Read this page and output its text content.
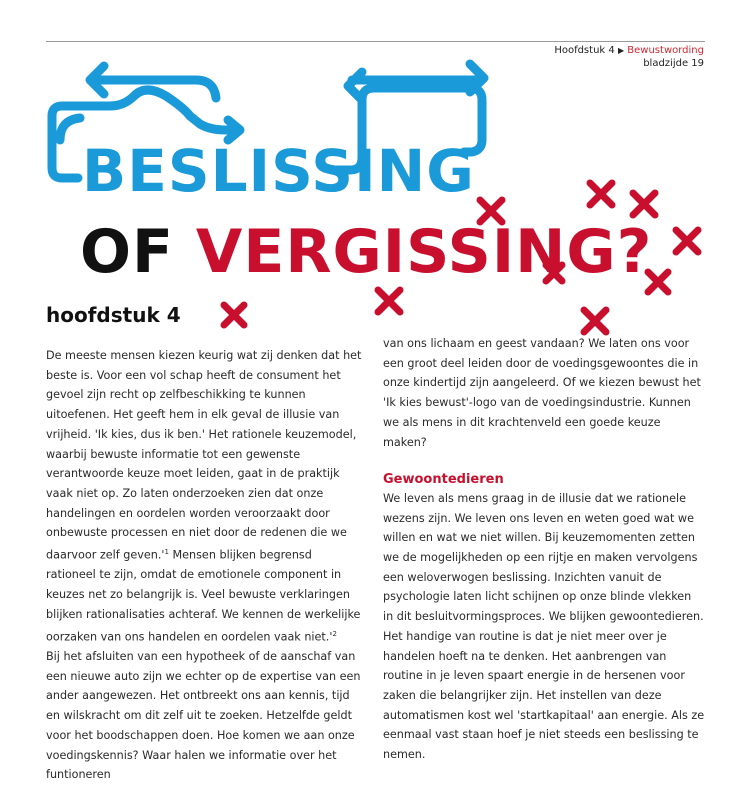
Hoofdstuk 4 ▶ Bewustwording
bladzijde 19
BESLISSING
OF VERGISSING?
hoofdstuk 4

De meeste mensen kiezen keurig wat zij denken dat het beste is. Voor een vol schap heeft de consument het gevoel zijn recht op zelfbeschikking te kunnen uitoefenen. Het geeft hem in elk geval de illusie van vrijheid. 'Ik kies, dus ik ben.' Het rationele keuzemodel, waarbij bewuste informatie tot een gewenste verantwoorde keuze moet leiden, gaat in de praktijk vaak niet op. Zo laten onderzoeken zien dat onze handelingen en oordelen worden veroorzaakt door onbewuste processen en niet door de redenen die we daarvoor zelf $geven.'^1$ Mensen blijken begrensd rationeel te zijn, omdat de emotionele component in keuzes net zo belangrijk is. Veel bewuste verklaringen blijken rationalisaties achteraf. We kennen de werkelijke oorzaken van ons handelen en oordelen vaak $niet.'^2$

Bij het afsluiten van een hypotheek of de aanschaf van een nieuwe auto zijn we echter op de expertise van een ander aangewezen. Het ontbreekt ons aan kennis, tijd en wilskracht om dit zelf uit te zoeken. Hetzelfde geldt voor het boodschappen doen. Hoe komen we aan onze voedingskennis? Waar halen we informatie over het funtioneren

van ons lichaam en geest vandaan? We laten ons voor een groot deel leiden door de voedingsgewoontes die in onze kindertijd zijn aangeleerd. Of we kiezen bewust het 'Ik kies bewust'-logo van de voedingsindustrie. Kunnen we als mens in dit krachtenveld een goede keuze maken?

Gewoontedieren

We leven als mens graag in de illusie dat we rationele wezens zijn. We leven ons leven en weten goed wat we willen en wat we niet willen. Bij keuzemomenten zetten we de mogelijkheden op een rijtje en maken vervolgens een weloverwogen beslissing. Inzichten vanuit de psychologie laten licht schijnen op onze blinde vlekken in dit besluitvormingsproces. We blijken gewoontedieren. Het handige van routine is dat je niet meer over je handelen hoeft na te denken. Het aanbrengen van routine in je leven spaart energie in de hersenen voor zaken die belangrijker zijn. Het instellen van deze automatismen kost wel 'startkapitaal' aan energie. Als ze eenmaal vast staan hoef je niet steeds een beslissing te nemen.
